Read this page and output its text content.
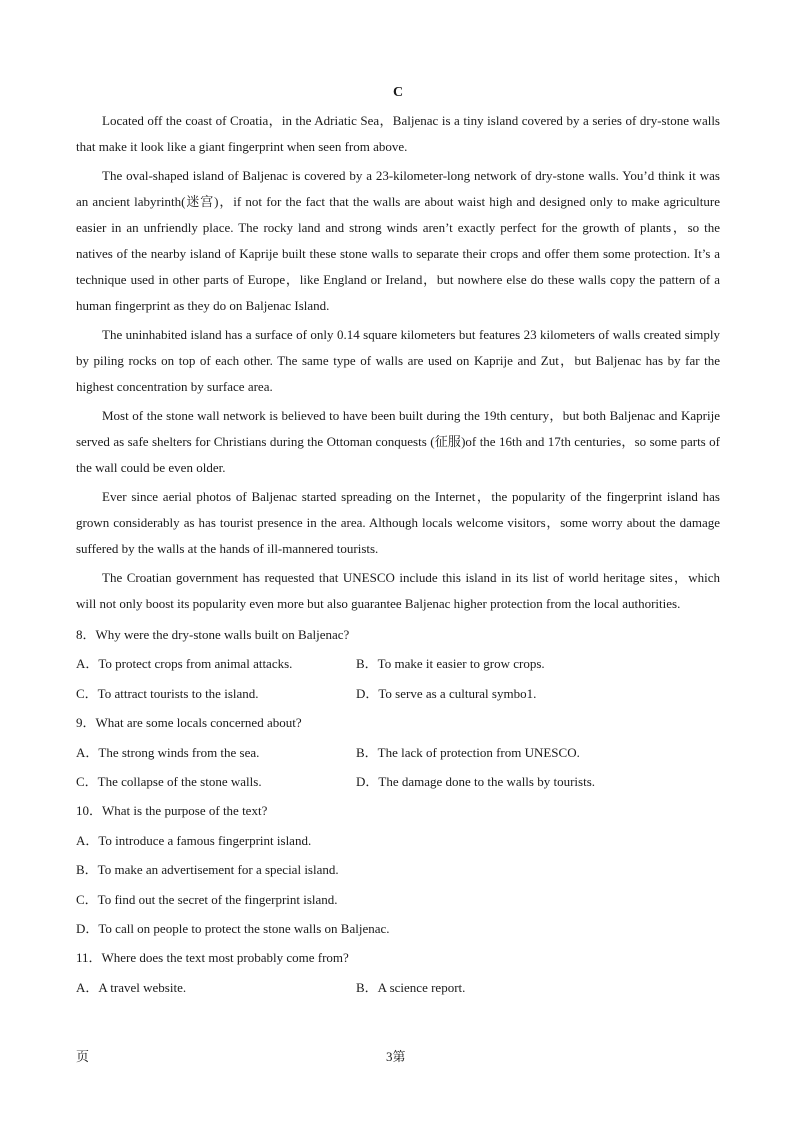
C

Located off the coast of Croatia，in the Adriatic Sea，Baljenac is a tiny island covered by a series of dry-stone walls that make it look like a giant fingerprint when seen from above.

The oval-shaped island of Baljenac is covered by a 23-kilometer-long network of dry-stone walls. You’d think it was an ancient labyrinth(迷宫)，if not for the fact that the walls are about waist high and designed only to make agriculture easier in an unfriendly place. The rocky land and strong winds aren’t exactly perfect for the growth of plants，so the natives of the nearby island of Kaprije built these stone walls to separate their crops and offer them some protection. It’s a technique used in other parts of Europe，like England or Ireland，but nowhere else do these walls copy the pattern of a human fingerprint as they do on Baljenac Island.

The uninhabited island has a surface of only 0.14 square kilometers but features 23 kilometers of walls created simply by piling rocks on top of each other. The same type of walls are used on Kaprije and Zut，but Baljenac has by far the highest concentration by surface area.

Most of the stone wall network is believed to have been built during the 19th century，but both Baljenac and Kaprije served as safe shelters for Christians during the Ottoman conquests (征服)of the 16th and 17th centuries，so some parts of the wall could be even older.

Ever since aerial photos of Baljenac started spreading on the Internet，the popularity of the fingerprint island has grown considerably as has tourist presence in the area. Although locals welcome visitors，some worry about the damage suffered by the walls at the hands of ill-mannered tourists.

The Croatian government has requested that UNESCO include this island in its list of world heritage sites，which will not only boost its popularity even more but also guarantee Baljenac higher protection from the local authorities.

8．Why were the dry-stone walls built on Baljenac?

A．To protect crops from animal attacks.	B．To make it easier to grow crops.
C．To attract tourists to the island.	D．To serve as a cultural symbo1.

9．What are some locals concerned about?

A．The strong winds from the sea.	B．The lack of protection from UNESCO.
C．The collapse of the stone walls.	D．The damage done to the walls by tourists.

10．What is the purpose of the text?

A．To introduce a famous fingerprint island.

B．To make an advertisement for a special island.

C．To find out the secret of the fingerprint island.

D．To call on people to protect the stone walls on Baljenac.

11．Where does the text most probably come from?

A．A travel website.	B．A science report.
页	3第
